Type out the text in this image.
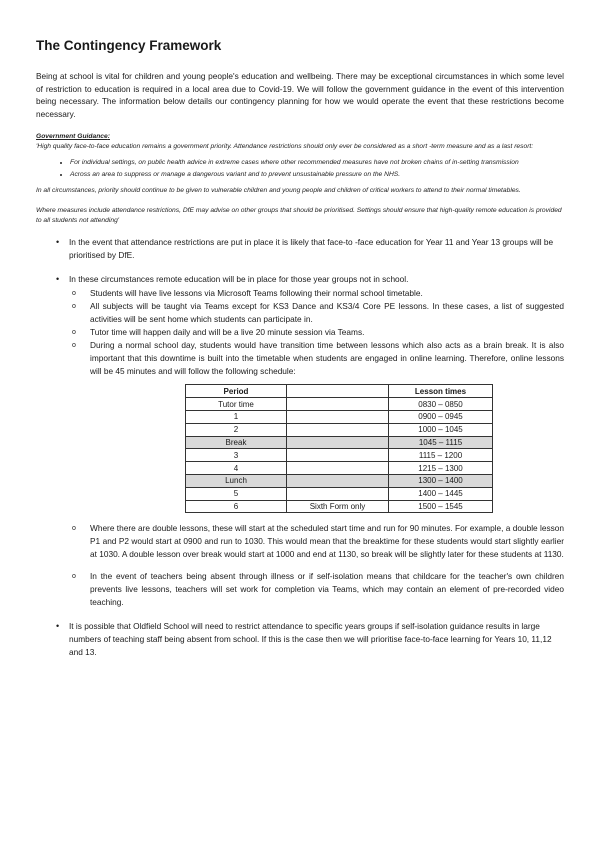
The Contingency Framework

Being at school is vital for children and young people's education and wellbeing. There may be exceptional circumstances in which some level of restriction to education is required in a local area due to Covid-19. We will follow the government guidance in the event of this intervention being necessary. The information below details our contingency planning for how we would operate the event that these restrictions become necessary.

Government Guidance:

'High quality face-to-face education remains a government priority. Attendance restrictions should only ever be considered as a short -term measure and as a last resort:

• For individual settings, on public health advice in extreme cases where other recommended measures have not broken chains of in-setting transmission
• Across an area to suppress or manage a dangerous variant and to prevent unsustainable pressure on the NHS.

In all circumstances, priority should continue to be given to vulnerable children and young people and children of critical workers to attend to their normal timetables.

Where measures include attendance restrictions, DfE may advise on other groups that should be prioritised. Settings should ensure that high-quality remote education is provided to all students not attending'

• In the event that attendance restrictions are put in place it is likely that face-to -face education for Year 11 and Year 13 groups will be prioritised by DfE.
• In these circumstances remote education will be in place for those year groups not in school.
o Students will have live lessons via Microsoft Teams following their normal school timetable.
o All subjects will be taught via Teams except for KS3 Dance and KS3/4 Core PE lessons. In these cases, a list of suggested activities will be sent home which students can participate in.
o Tutor time will happen daily and will be a live 20 minute session via Teams.
o During a normal school day, students would have transition time between lessons which also acts as a brain break. It is also important that this downtime is built into the timetable when students are engaged in online learning. Therefore, online lessons will be 45 minutes and will follow the following schedule:
Period		Lesson times
Tutor time		0830 – 0850
1		0900 – 0945
2		1000 – 1045
Break		1045 – 1115
3		1115 – 1200
4		1215 – 1300
Lunch		1300 – 1400
5		1400 – 1445
6	Sixth Form only	1500 – 1545
o Where there are double lessons, these will start at the scheduled start time and run for 90 minutes. For example, a double lesson P1 and P2 would start at 0900 and run to 1030. This would mean that the breaktime for these students would start slightly earlier at 1030. A double lesson over break would start at 1000 and end at 1130, so break will be slightly later for these students at 1130.
o In the event of teachers being absent through illness or if self-isolation means that childcare for the teacher's own children prevents live lessons, teachers will set work for completion via Teams, which may contain an element of pre-recorded video teaching.
• It is possible that Oldfield School will need to restrict attendance to specific years groups if self-isolation guidance results in large numbers of teaching staff being absent from school. If this is the case then we will prioritise face-to-face learning for Years 10, 11,12 and 13.
